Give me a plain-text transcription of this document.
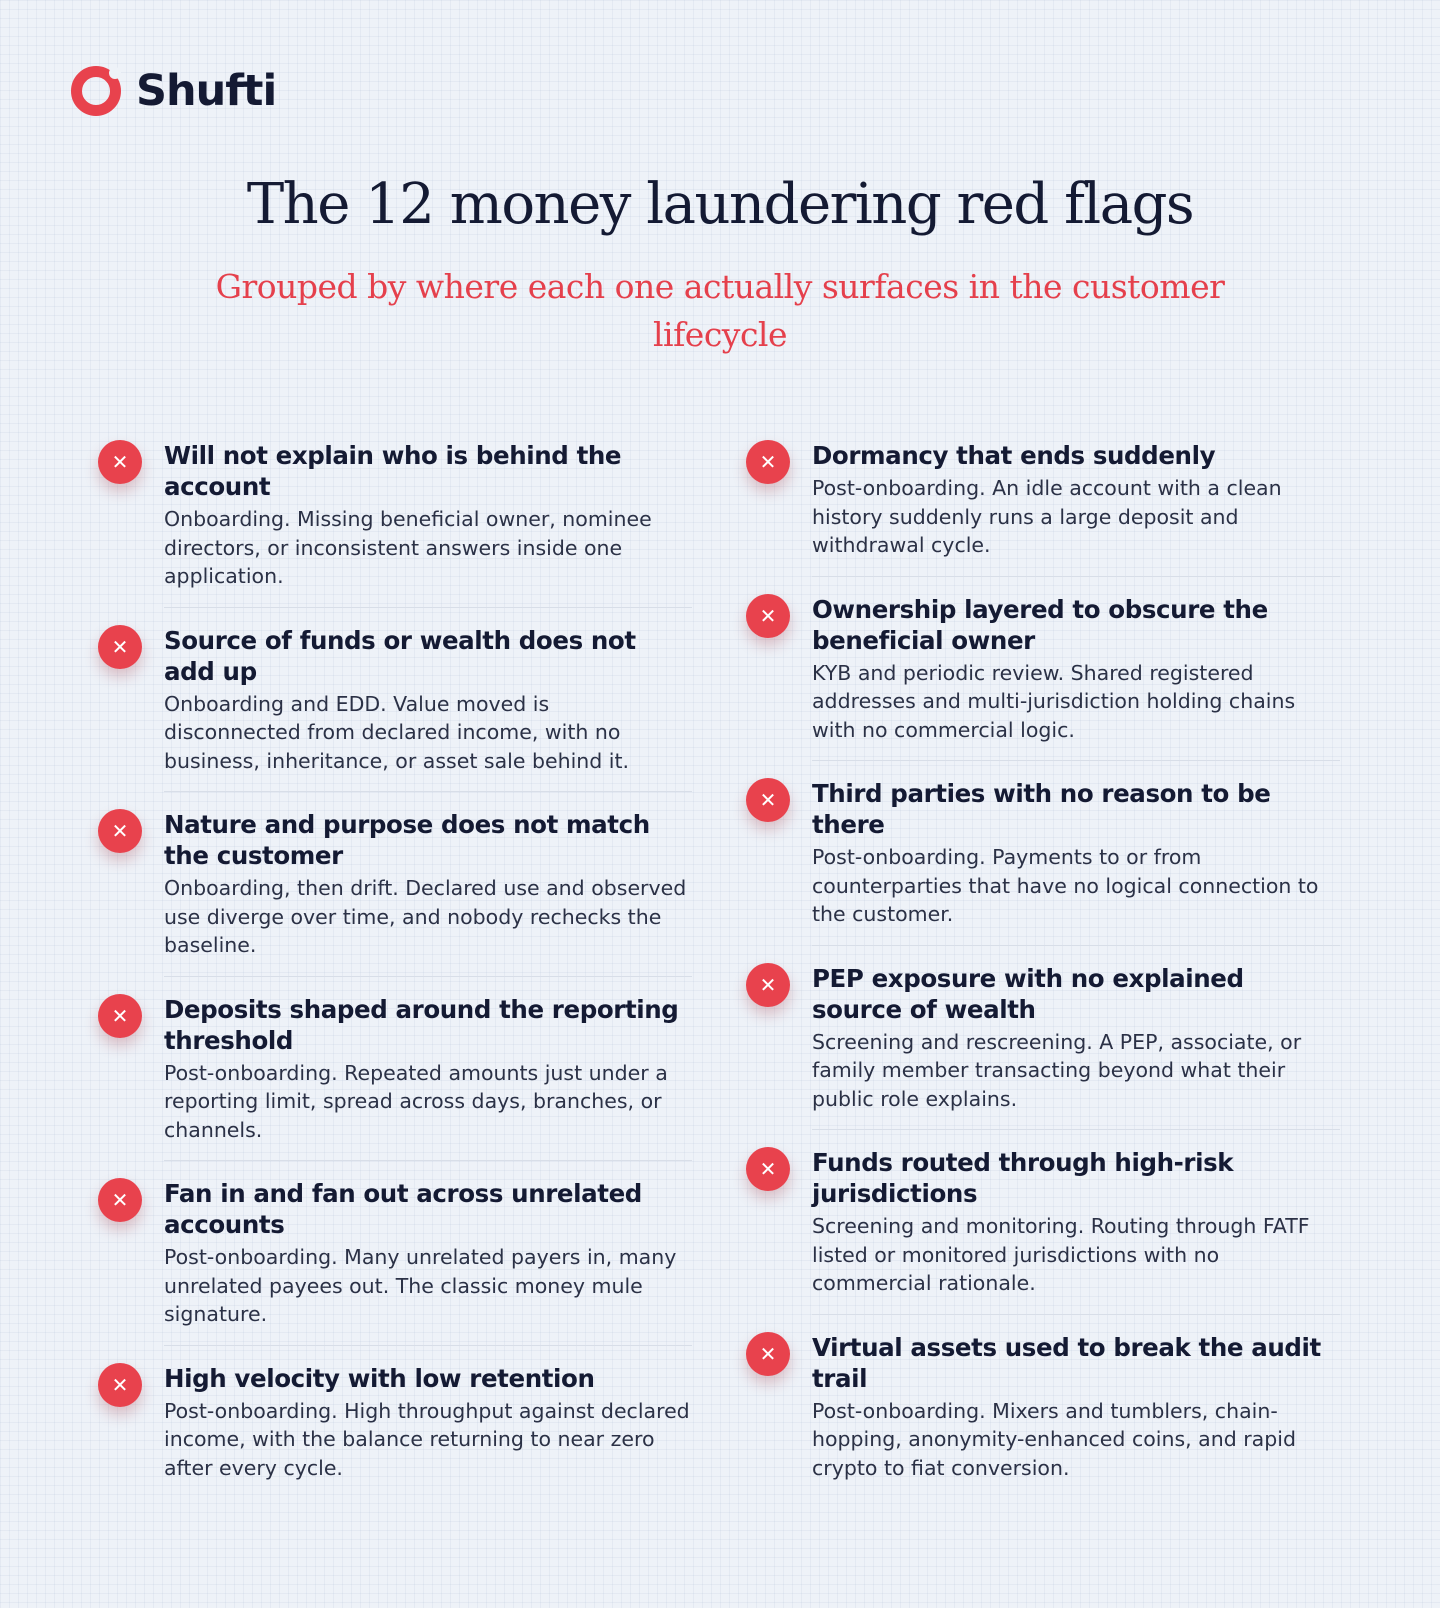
Shufti
The 12 money laundering red flags

Grouped by where each one actually surfaces in the customer lifecycle

✕	Will not explain who is behind the account

Onboarding. Missing beneficial owner, nominee directors, or inconsistent answers inside one application.

✕	Source of funds or wealth does not add up

Onboarding and EDD. Value moved is disconnected from declared income, with no business, inheritance, or asset sale behind it.

✕	Nature and purpose does not match the customer

Onboarding, then drift. Declared use and observed use diverge over time, and nobody rechecks the baseline.

✕	Deposits shaped around the reporting threshold

Post-onboarding. Repeated amounts just under a reporting limit, spread across days, branches, or channels.

✕	Fan in and fan out across unrelated accounts

Post-onboarding. Many unrelated payers in, many unrelated payees out. The classic money mule signature.

✕	High velocity with low retention

Post-onboarding. High throughput against declared income, with the balance returning to near zero after every cycle.

✕	Dormancy that ends suddenly

Post-onboarding. An idle account with a clean history suddenly runs a large deposit and withdrawal cycle.

✕	Ownership layered to obscure the beneficial owner

KYB and periodic review. Shared registered addresses and multi-jurisdiction holding chains with no commercial logic.

✕	Third parties with no reason to be there

Post-onboarding. Payments to or from counterparties that have no logical connection to the customer.

✕	PEP exposure with no explained source of wealth

Screening and rescreening. A PEP, associate, or family member transacting beyond what their public role explains.

✕	Funds routed through high-risk jurisdictions

Screening and monitoring. Routing through FATF listed or monitored jurisdictions with no commercial rationale.

✕	Virtual assets used to break the audit trail

Post-onboarding. Mixers and tumblers, chain-hopping, anonymity-enhanced coins, and rapid crypto to fiat conversion.
